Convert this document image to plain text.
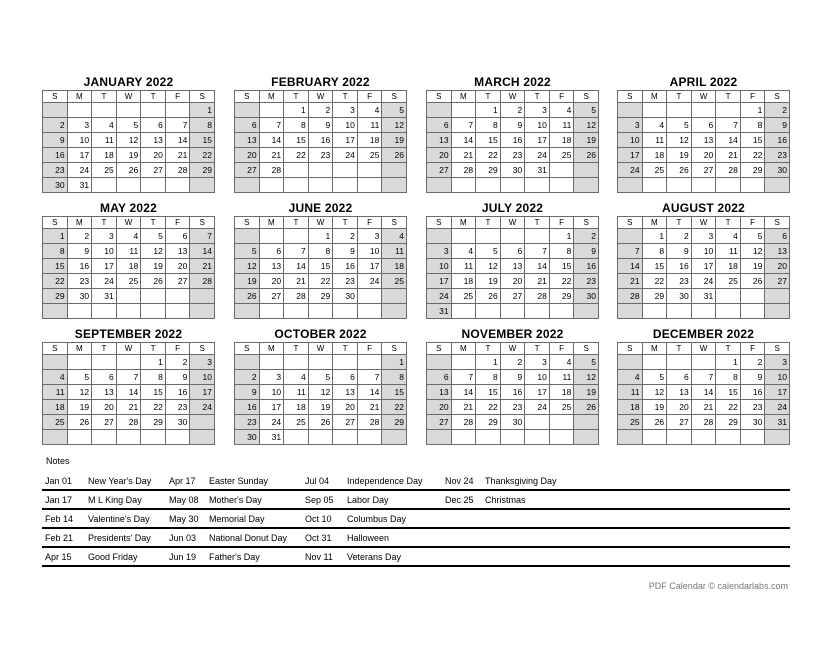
JANUARY 2022
S	M	T	W	T	F	S
						1
2	3	4	5	6	7	8
9	10	11	12	13	14	15
16	17	18	19	20	21	22
23	24	25	26	27	28	29
30	31					
FEBRUARY 2022
S	M	T	W	T	F	S
		1	2	3	4	5
6	7	8	9	10	11	12
13	14	15	16	17	18	19
20	21	22	23	24	25	26
27	28					

MARCH 2022
S	M	T	W	T	F	S
		1	2	3	4	5
6	7	8	9	10	11	12
13	14	15	16	17	18	19
20	21	22	23	24	25	26
27	28	29	30	31		

APRIL 2022
S	M	T	W	T	F	S
					1	2
3	4	5	6	7	8	9
10	11	12	13	14	15	16
17	18	19	20	21	22	23
24	25	26	27	28	29	30

MAY 2022
S	M	T	W	T	F	S
1	2	3	4	5	6	7
8	9	10	11	12	13	14
15	16	17	18	19	20	21
22	23	24	25	26	27	28
29	30	31				

JUNE 2022
S	M	T	W	T	F	S
			1	2	3	4
5	6	7	8	9	10	11
12	13	14	15	16	17	18
19	20	21	22	23	24	25
26	27	28	29	30		

JULY 2022
S	M	T	W	T	F	S
					1	2
3	4	5	6	7	8	9
10	11	12	13	14	15	16
17	18	19	20	21	22	23
24	25	26	27	28	29	30
31						
AUGUST 2022
S	M	T	W	T	F	S
	1	2	3	4	5	6
7	8	9	10	11	12	13
14	15	16	17	18	19	20
21	22	23	24	25	26	27
28	29	30	31			

SEPTEMBER 2022
S	M	T	W	T	F	S
				1	2	3
4	5	6	7	8	9	10
11	12	13	14	15	16	17
18	19	20	21	22	23	24
25	26	27	28	29	30	

OCTOBER 2022
S	M	T	W	T	F	S
						1
2	3	4	5	6	7	8
9	10	11	12	13	14	15
16	17	18	19	20	21	22
23	24	25	26	27	28	29
30	31					
NOVEMBER 2022
S	M	T	W	T	F	S
		1	2	3	4	5
6	7	8	9	10	11	12
13	14	15	16	17	18	19
20	21	22	23	24	25	26
27	28	29	30			

DECEMBER 2022
S	M	T	W	T	F	S
				1	2	3
4	5	6	7	8	9	10
11	12	13	14	15	16	17
18	19	20	21	22	23	24
25	26	27	28	29	30	31

Notes
Jan 01 New Year's Day Apr 17 Easter Sunday	Jul 04 Independence Day Nov 24 Thanksgiving Day
Jan 17 M L King Day	May 08 Mother's Day	Sep 05 Labor Day	Dec 25 Christmas
Feb 14 Valentine's Day May 30 Memorial Day	Oct 10 Columbus Day
Feb 21 Presidents' Day Jun 03 National Donut Day Oct 31 Halloween
Apr 15 Good Friday	Jun 19 Father's Day	Nov 11 Veterans Day
PDF Calendar © calendarlabs.com
